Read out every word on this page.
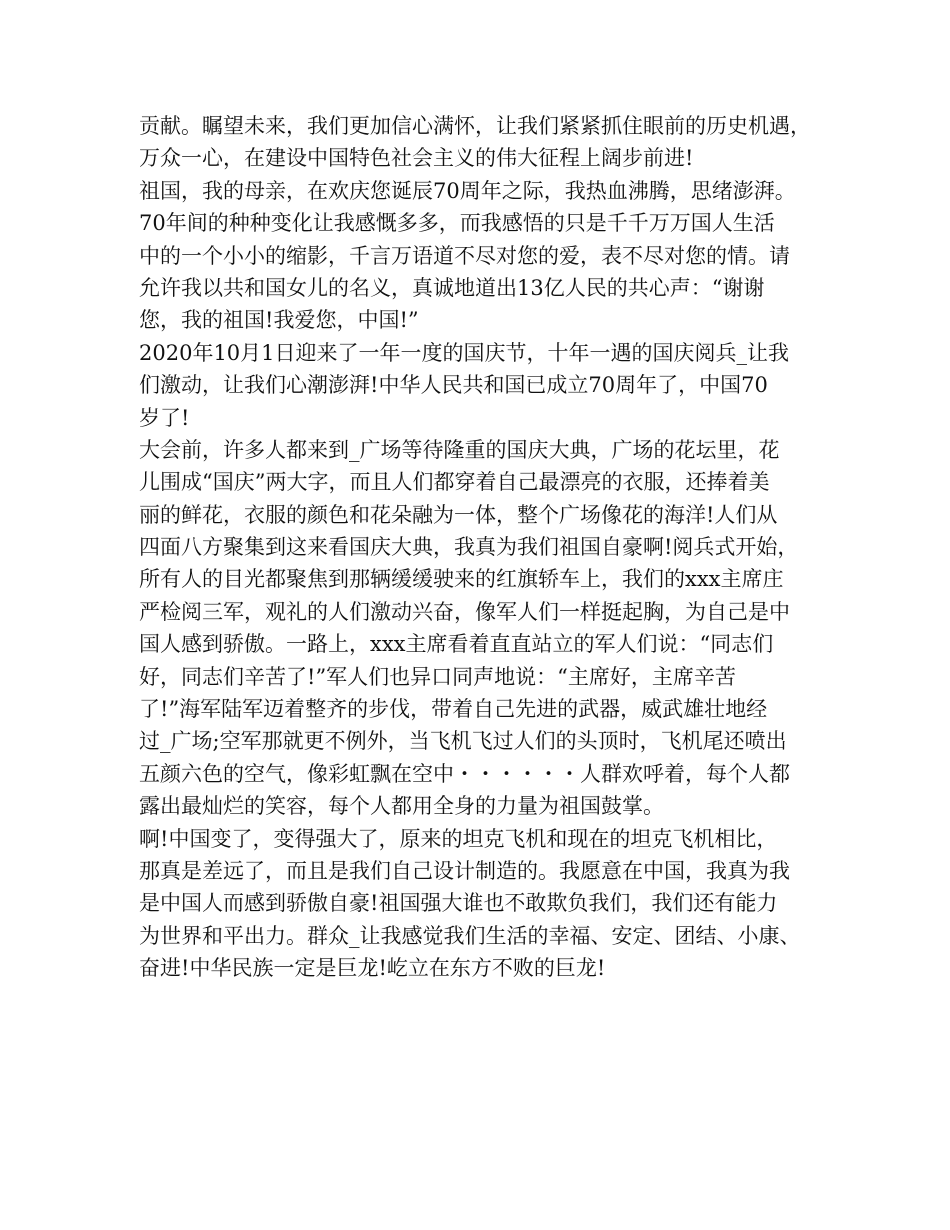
贡献。瞩望未来，我们更加信心满怀，让我们紧紧抓住眼前的历史机遇，
万众一心，在建设中国特色社会主义的伟大征程上阔步前进!
祖国，我的母亲，在欢庆您诞辰70周年之际，我热血沸腾，思绪澎湃。
70年间的种种变化让我感慨多多，而我感悟的只是千千万万国人生活
中的一个小小的缩影，千言万语道不尽对您的爱，表不尽对您的情。请
允许我以共和国女儿的名义，真诚地道出13亿人民的共心声：“谢谢
您，我的祖国!我爱您，中国!”
2020年10月1日迎来了一年一度的国庆节，十年一遇的国庆阅兵_让我
们激动，让我们心潮澎湃!中华人民共和国已成立70周年了，中国70
岁了!
大会前，许多人都来到_广场等待隆重的国庆大典，广场的花坛里，花
儿围成“国庆”两大字，而且人们都穿着自己最漂亮的衣服，还捧着美
丽的鲜花，衣服的颜色和花朵融为一体，整个广场像花的海洋!人们从
四面八方聚集到这来看国庆大典，我真为我们祖国自豪啊!阅兵式开始，
所有人的目光都聚焦到那辆缓缓驶来的红旗轿车上，我们的xxx主席庄
严检阅三军，观礼的人们激动兴奋，像军人们一样挺起胸，为自己是中
国人感到骄傲。一路上，xxx主席看着直直站立的军人们说：“同志们
好，同志们辛苦了!”军人们也异口同声地说：“主席好，主席辛苦
了!”海军陆军迈着整齐的步伐，带着自己先进的武器，威武雄壮地经
过_广场;空军那就更不例外，当飞机飞过人们的头顶时，飞机尾还喷出
五颜六色的空气，像彩虹飘在空中・・・・・・人群欢呼着，每个人都
露出最灿烂的笑容，每个人都用全身的力量为祖国鼓掌。
啊!中国变了，变得强大了，原来的坦克飞机和现在的坦克飞机相比，
那真是差远了，而且是我们自己设计制造的。我愿意在中国，我真为我
是中国人而感到骄傲自豪!祖国强大谁也不敢欺负我们，我们还有能力
为世界和平出力。群众_让我感觉我们生活的幸福、安定、团结、小康、
奋进!中华民族一定是巨龙!屹立在东方不败的巨龙!
